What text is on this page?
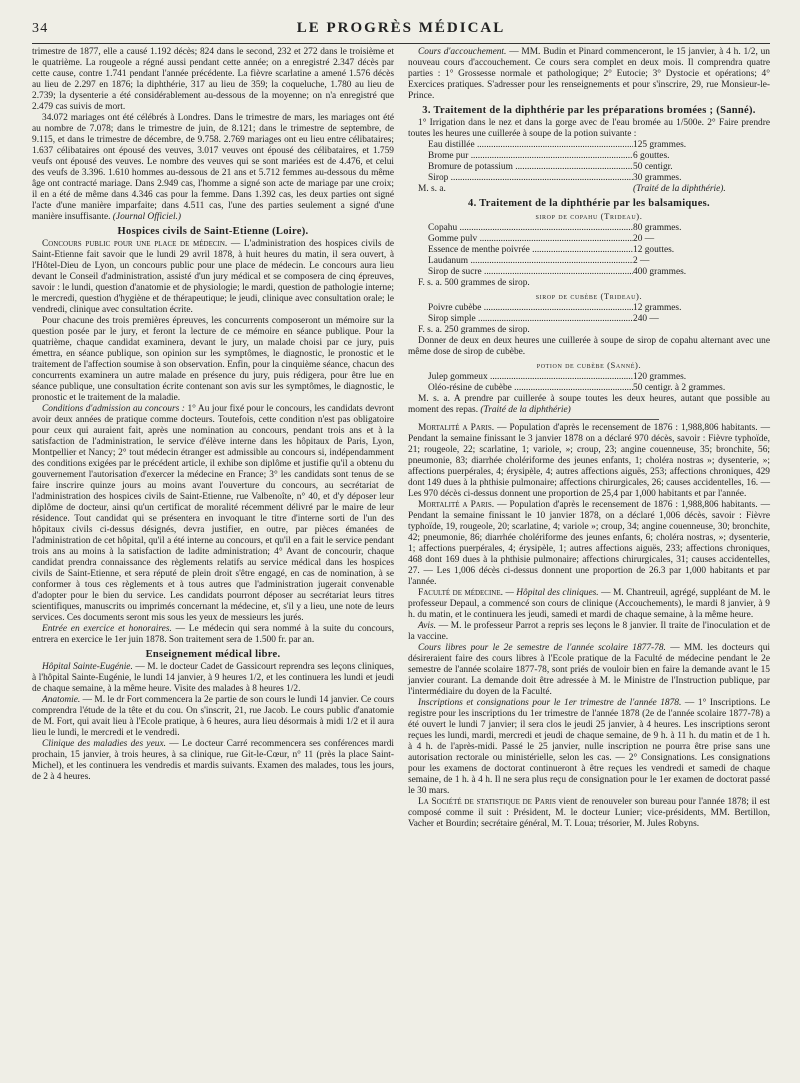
34	LE PROGRÈS MÉDICAL

trimestre de 1877, elle a causé 1.192 décès; 824 dans le second, 232 et 272 dans le troisième et le quatrième. La rougeole a régné aussi pendant cette année; on a enregistré 2.347 décès par cette cause, contre 1.741 pendant l'année précédente. La fièvre scarlatine a amené 1.576 décès au lieu de 2.297 en 1876; la diphthérie, 317 au lieu de 359; la coqueluche, 1.780 au lieu de 2.739; la dysenterie a été considérablement au-dessous de la moyenne; on n'a enregistré que 2.479 cas suivis de mort.

34.072 mariages ont été célébrés à Londres. Dans le trimestre de mars, les mariages ont été au nombre de 7.078; dans le trimestre de juin, de 8.121; dans le trimestre de septembre, de 9.115, et dans le trimestre de décembre, de 9.758. 2.769 mariages ont eu lieu entre célibataires; 1.637 célibataires ont épousé des veuves, 3.017 veuves ont épousé des célibataires, et 1.759 veufs ont épousé des veuves. Le nombre des veuves qui se sont mariées est de 4.476, et celui des veufs de 3.396. 1.610 hommes au-dessous de 21 ans et 5.712 femmes au-dessous du même âge ont contracté mariage. Dans 2.949 cas, l'homme a signé son acte de mariage par une croix; il en a été de même dans 4.346 cas pour la femme. Dans 1.392 cas, les deux parties ont signé l'acte d'une manière imparfaite; dans 4.511 cas, l'une des parties seulement a signé d'une manière insuffisante. (Journal Officiel.)

Hospices civils de Saint-Etienne (Loire).

Concours public pour une place de médecin. — L'administration des hospices civils de Saint-Etienne fait savoir que le lundi 29 avril 1878, à huit heures du matin, il sera ouvert, à l'Hôtel-Dieu de Lyon, un concours public pour une place de médecin. Le concours aura lieu devant le Conseil d'administration, assisté d'un jury médical et se composera de cinq épreuves, savoir : le lundi, question d'anatomie et de physiologie; le mardi, question de pathologie interne; le mercredi, question d'hygiène et de thérapeutique; le jeudi, clinique avec consultation orale; le vendredi, clinique avec consultation écrite.

Pour chacune des trois premières épreuves, les concurrents composeront un mémoire sur la question posée par le jury, et feront la lecture de ce mémoire en séance publique. Pour la quatrième, chaque candidat examinera, devant le jury, un malade choisi par ce jury, puis émettra, en séance publique, son opinion sur les symptômes, le diagnostic, le pronostic et le traitement de l'affection soumise à son observation. Enfin, pour la cinquième séance, chacun des concurrents examinera un autre malade en présence du jury, puis rédigera, pour être lue en séance publique, une consultation écrite contenant son avis sur les symptômes, le diagnostic, le pronostic et le traitement de la maladie.

Conditions d'admission au concours : 1° Au jour fixé pour le concours, les candidats devront avoir deux années de pratique comme docteurs. Toutefois, cette condition n'est pas obligatoire pour ceux qui auraient fait, après une nomination au concours, pendant trois ans et à la satisfaction de l'administration, le service d'élève interne dans les hôpitaux de Paris, Lyon, Montpellier et Nancy; 2° tout médecin étranger est admissible au concours si, indépendamment des conditions exigées par le précédent article, il exhibe son diplôme et justifie qu'il a obtenu du gouvernement l'autorisation d'exercer la médecine en France; 3° les candidats sont tenus de se faire inscrire quinze jours au moins avant l'ouverture du concours, au secrétariat de l'administration des hospices civils de Saint-Etienne, rue Valbenoîte, n° 40, et d'y déposer leur diplôme de docteur, ainsi qu'un certificat de moralité récemment délivré par le maire de leur résidence. Tout candidat qui se présentera en invoquant le titre d'interne sorti de l'un des hôpitaux civils ci-dessus désignés, devra justifier, en outre, par pièces émanées de l'administration de cet hôpital, qu'il a été interne au concours, et qu'il en a fait le service pendant trois ans au moins à la satisfaction de ladite administration; 4° Avant de concourir, chaque candidat prendra connaissance des règlements relatifs au service médical dans les hospices civils de Saint-Etienne, et sera réputé de plein droit s'être engagé, en cas de nomination, à se conformer à tous ces règlements et à tous autres que l'administration jugerait convenable d'adopter pour le bien du service. Les candidats pourront déposer au secrétariat leurs titres scientifiques, manuscrits ou imprimés concernant la médecine, et, s'il y a lieu, une note de leurs services. Ces documents seront mis sous les yeux de messieurs les jurés.

Entrée en exercice et honoraires. — Le médecin qui sera nommé à la suite du concours, entrera en exercice le 1er juin 1878. Son traitement sera de 1.500 fr. par an.

Enseignement médical libre.

Hôpital Sainte-Eugénie. — M. le docteur Cadet de Gassicourt reprendra ses leçons cliniques, à l'hôpital Sainte-Eugénie, le lundi 14 janvier, à 9 heures 1/2, et les continuera les lundi et jeudi de chaque semaine, à la même heure. Visite des malades à 8 heures 1/2.

Anatomie. — M. le dr Fort commencera la 2e partie de son cours le lundi 14 janvier. Ce cours comprendra l'étude de la tête et du cou. On s'inscrit, 21, rue Jacob. Le cours public d'anatomie de M. Fort, qui avait lieu à l'Ecole pratique, à 6 heures, aura lieu désormais à midi 1/2 et il aura lieu le lundi, le mercredi et le vendredi.

Clinique des maladies des yeux. — Le docteur Carré recommencera ses conférences mardi prochain, 15 janvier, à trois heures, à sa clinique, rue Git-le-Cœur, n° 11 (près la place Saint-Michel), et les continuera les vendredis et mardis suivants. Examen des malades, tous les jours, de 2 à 4 heures.

Cours d'accouchement. — MM. Budin et Pinard commenceront, le 15 janvier, à 4 h. 1/2, un nouveau cours d'accouchement. Ce cours sera complet en deux mois. Il comprendra quatre parties : 1° Grossesse normale et pathologique; 2° Eutocie; 3° Dystocie et opérations; 4° Exercices pratiques. S'adresser pour les renseignements et pour s'inscrire, 29, rue Monsieur-le-Prince.

3. Traitement de la diphthérie par les préparations bromées ; (Sanné).

1° Irrigation dans le nez et dans la gorge avec de l'eau bromée au 1/500e. 2° Faire prendre toutes les heures une cuillerée à soupe de la potion suivante :

Eau distillée .....	125 grammes.
Brome pur .....	6 gouttes.
Bromure de potassium .....	50 centigr.
Sirop .....	30 grammes.
M. s. a.	(Traité de la diphthérie).
4. Traitement de la diphthérie par les balsamiques.
sirop de copahu (Trideau).
Copahu .....	80 grammes.
Gomme pulv .....	20 —
Essence de menthe poivrée .....	12 gouttes.
Laudanum .....	2 —
Sirop de sucre .....	400 grammes.
F. s. a. 500 grammes de sirop.
sirop de cubèbe (Trideau).
Poivre cubèbe .....	12 grammes.
Sirop simple .....	240 —
F. s. a. 250 grammes de sirop.

Donner de deux en deux heures une cuillerée à soupe de sirop de copahu alternant avec une même dose de sirop de cubèbe.

potion de cubèbe (Sanné).
Julep gommeux .....	120 grammes.
Oléo-résine de cubèbe .....	50 centigr. à 2 grammes.

M. s. a. A prendre par cuillerée à soupe toutes les deux heures, autant que possible au moment des repas. (Traité de la diphthérie)

Mortalité a Paris. — Population d'après le recensement de 1876 : 1,988,806 habitants. — Pendant la semaine finissant le 3 janvier 1878 on a déclaré 970 décès, savoir : Fièvre typhoïde, 21; rougeole, 22; scarlatine, 1; variole, »; croup, 23; angine couenneuse, 35; bronchite, 56; pneumonie, 83; diarrhée cholériforme des jeunes enfants, 1; choléra nostras »; dysenterie, »; affections puerpérales, 4; érysipèle, 4; autres affections aiguës, 253; affections chroniques, 429 dont 149 dues à la phthisie pulmonaire; affections chirurgicales, 26; causes accidentelles, 16. — Les 970 décès ci-dessus donnent une proportion de 25,4 par 1,000 habitants et par l'année.

Mortalité a Paris. — Population d'après le recensement de 1876 : 1,988,806 habitants. — Pendant la semaine finissant le 10 janvier 1878, on a déclaré 1,006 décès, savoir : Fièvre typhoïde, 19, rougeole, 20; scarlatine, 4; variole »; croup, 34; angine couenneuse, 30; bronchite, 42; pneumonie, 86; diarrhée cholériforme des jeunes enfants, 6; choléra nostras, »; dysenterie, 1; affections puerpérales, 4; érysipèle, 1; autres affections aiguës, 233; affections chroniques, 468 dont 169 dues à la phthisie pulmonaire; affections chirurgicales, 31; causes accidentelles, 27. — Les 1,006 décès ci-dessus donnent une proportion de 26.3 par 1,000 habitants et par l'année.

Faculté de médecine. — Hôpital des cliniques. — M. Chantreuil, agrégé, suppléant de M. le professeur Depaul, a commencé son cours de clinique (Accouchements), le mardi 8 janvier, à 9 h. du matin, et le continuera les jeudi, samedi et mardi de chaque semaine, à la même heure.

Avis. — M. le professeur Parrot a repris ses leçons le 8 janvier. Il traite de l'inoculation et de la vaccine.

Cours libres pour le 2e semestre de l'année scolaire 1877-78. — MM. les docteurs qui désireraient faire des cours libres à l'Ecole pratique de la Faculté de médecine pendant le 2e semestre de l'année scolaire 1877-78, sont priés de vouloir bien en faire la demande avant le 15 janvier courant. La demande doit être adressée à M. le Ministre de l'Instruction publique, par l'intermédiaire du doyen de la Faculté.

Inscriptions et consignations pour le 1er trimestre de l'année 1878. — 1° Inscriptions. Le registre pour les inscriptions du 1er trimestre de l'année 1878 (2e de l'année scolaire 1877-78) a été ouvert le lundi 7 janvier; il sera clos le jeudi 25 janvier, à 4 heures. Les inscriptions seront reçues les lundi, mardi, mercredi et jeudi de chaque semaine, de 9 h. à 11 h. du matin et de 1 h. à 4 h. de l'après-midi. Passé le 25 janvier, nulle inscription ne pourra être prise sans une autorisation rectorale ou ministérielle, selon les cas. — 2° Consignations. Les consignations pour les examens de doctorat continueront à être reçues les vendredi et samedi de chaque semaine, de 1 h. à 4 h. Il ne sera plus reçu de consignation pour le 1er examen de doctorat passé le 30 mars.

La Société de statistique de Paris vient de renouveler son bureau pour l'année 1878; il est composé comme il suit : Président, M. le docteur Lunier; vice-présidents, MM. Bertillon, Vacher et Bourdin; secrétaire général, M. T. Loua; trésorier, M. Jules Robyns.
